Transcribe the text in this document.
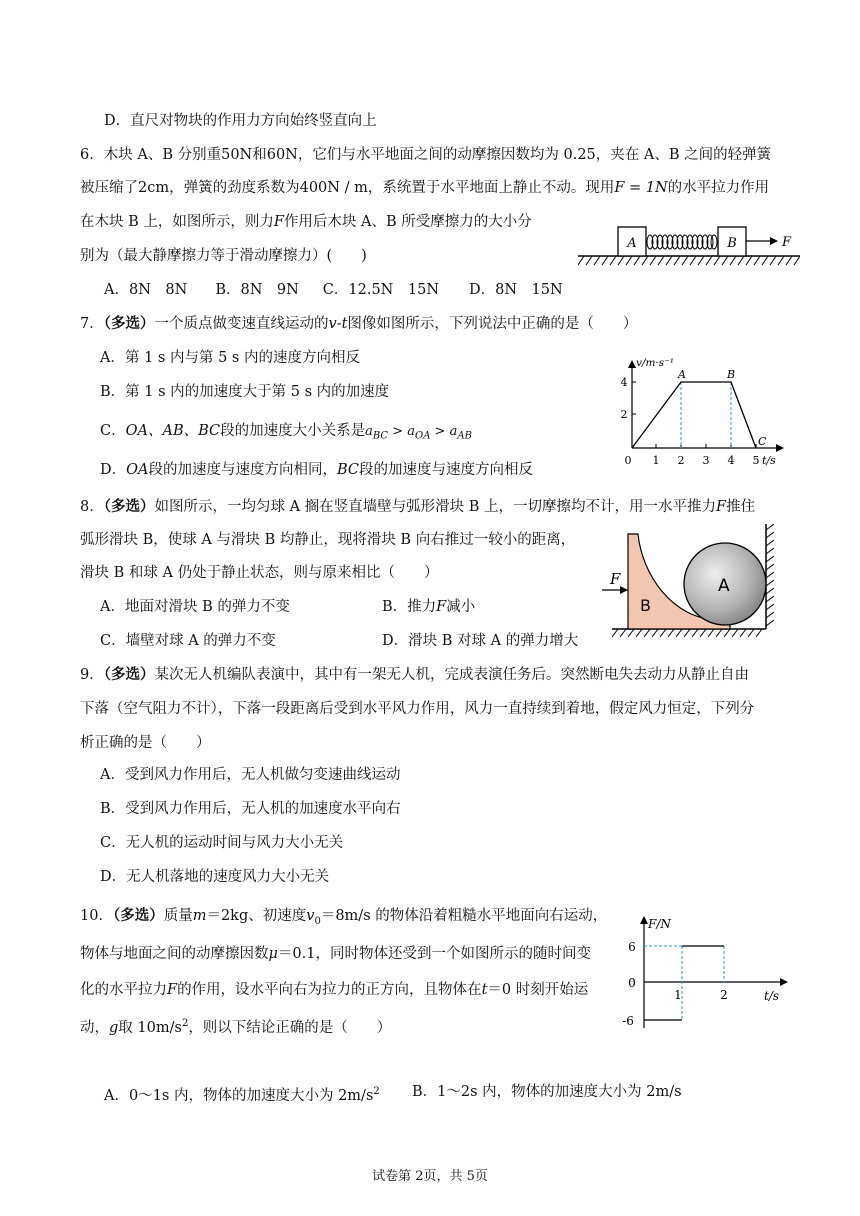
D．直尺对物块的作用力方向始终竖直向上
6．木块 A、B 分别重50N和60N，它们与水平地面之间的动摩擦因数均为 0.25，夹在 A、B 之间的轻弹簧
被压缩了2cm，弹簧的劲度系数为400N / m，系统置于水平地面上静止不动。现用F = 1N的水平拉力作用
在木块 B 上，如图所示，则力F作用后木块 A、B 所受摩擦力的大小分
别为（最大静摩擦力等于滑动摩擦力）(　　)
A．8N　8N B．8N　9N C．12.5N　15N D．8N　15N
A	B	F
7．（多选）一个质点做变速直线运动的v-t图像如图所示，下列说法中正确的是（　　）
A．第 1 s 内与第 5 s 内的速度方向相反
B．第 1 s 内的加速度大于第 5 s 内的加速度
C．OA、AB、BC段的加速度大小关系是$a_{BC} > a_{OA} > a_{AB}$
D．OA段的加速度与速度方向相同，BC段的加速度与速度方向相反
v/m·s⁻¹
t/s
0 1 2 3 4 5
2
4
A	B
C
8．（多选）如图所示，一均匀球 A 搁在竖直墙壁与弧形滑块 B 上，一切摩擦均不计，用一水平推力F推住
弧形滑块 B，使球 A 与滑块 B 均静止，现将滑块 B 向右推过一较小的距离，
滑块 B 和球 A 仍处于静止状态，则与原来相比（　　）
A．地面对滑块 B 的弹力不变	B．推力F减小
C．墙壁对球 A 的弹力不变	D．滑块 B 对球 A 的弹力增大
F
B
A
9．（多选）某次无人机编队表演中，其中有一架无人机，完成表演任务后。突然断电失去动力从静止自由
下落（空气阻力不计），下落一段距离后受到水平风力作用，风力一直持续到着地，假定风力恒定，下列分
析正确的是（　　）
A．受到风力作用后，无人机做匀变速曲线运动
B．受到风力作用后，无人机的加速度水平向右
C．无人机的运动时间与风力大小无关
D．无人机落地的速度风力大小无关
10．（多选）质量m＝2kg、初速度$v_0=8m/s$ 的物体沿着粗糙水平地面向右运动，
物体与地面之间的动摩擦因数μ＝0.1，同时物体还受到一个如图所示的随时间变
化的水平拉力F的作用，设水平向右为拉力的正方向，且物体在t＝0 时刻开始运
动，g取 $10m/s^2$，则以下结论正确的是（　　）
A．0～1s 内，物体的加速度大小为 $2m/s^2$ B．1～2s 内，物体的加速度大小为 2m/s
F/N
t/s
0
6
-6
1	2
试卷第 2页，共 5页
